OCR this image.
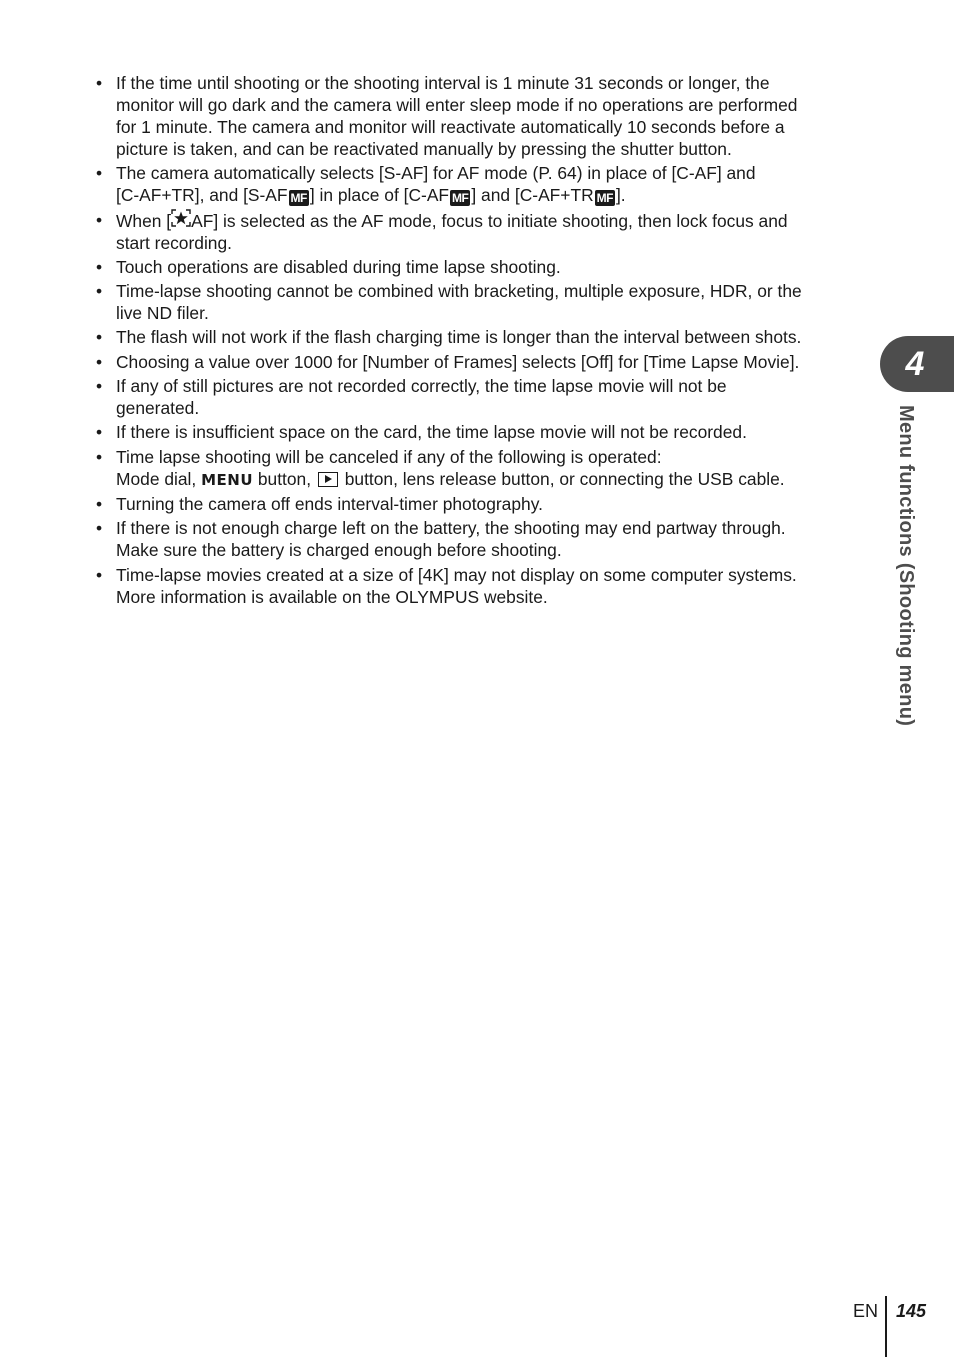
• If the time until shooting or the shooting interval is 1 minute 31 seconds or longer, the
monitor will go dark and the camera will enter sleep mode if no operations are performed
for 1 minute. The camera and monitor will reactivate automatically 10 seconds before a
picture is taken, and can be reactivated manually by pressing the shutter button.
• The camera automatically selects [S-AF] for AF mode (P. 64) in place of [C-AF] and
[C-AF+TR], and [S-AF MF ] in place of [C-AF MF ] and [C-AF+TR MF ].
• When [ AF] is selected as the AF mode, focus to initiate shooting, then lock focus and
start recording.
• Touch operations are disabled during time lapse shooting.
• Time-lapse shooting cannot be combined with bracketing, multiple exposure, HDR, or the
live ND filer.
• The flash will not work if the flash charging time is longer than the interval between shots.
• Choosing a value over 1000 for [Number of Frames] selects [Off] for [Time Lapse Movie].
• If any of still pictures are not recorded correctly, the time lapse movie will not be
generated.
• If there is insufficient space on the card, the time lapse movie will not be recorded.
• Time lapse shooting will be canceled if any of the following is operated:
Mode dial, MENU button, button, lens release button, or connecting the USB cable.
• Turning the camera off ends interval-timer photography.
• If there is not enough charge left on the battery, the shooting may end partway through.
Make sure the battery is charged enough before shooting.
• Time-lapse movies created at a size of [4K] may not display on some computer systems.
More information is available on the OLYMPUS website.
4
Menu functions (Shooting menu)
EN 145
